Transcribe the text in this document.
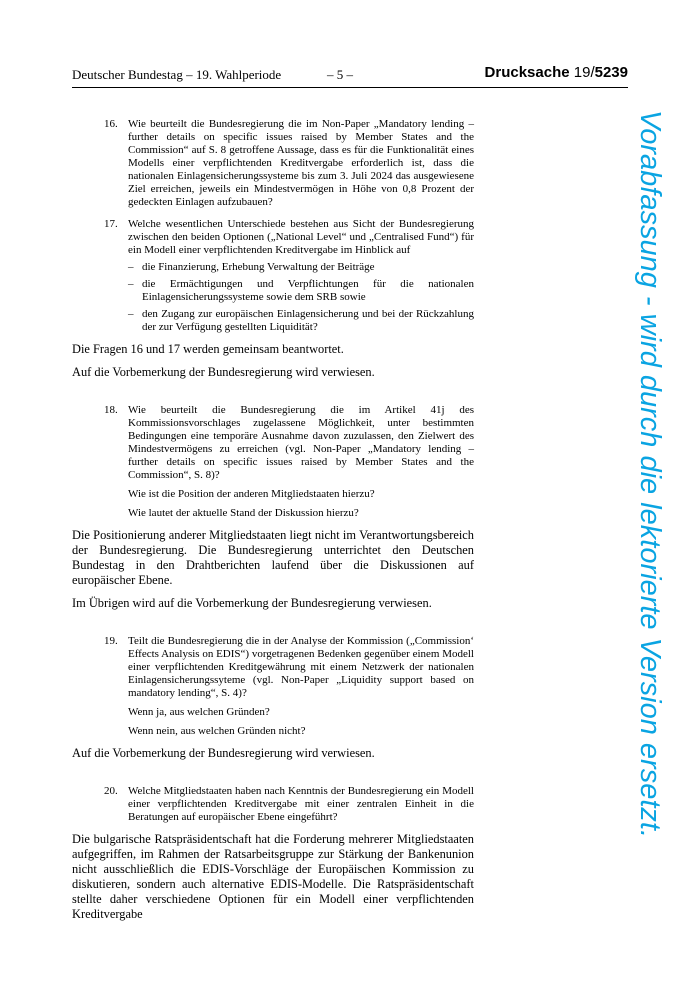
Deutscher Bundestag – 19. Wahlperiode	– 5 –	Drucksache 19/5239
16. Wie beurteilt die Bundesregierung die im Non-Paper „Mandatory lending – further details on specific issues raised by Member States and the Commission“ auf S. 8 getroffene Aussage, dass es für die Funktionalität eines Modells einer verpflichtenden Kreditvergabe erforderlich ist, dass die nationalen Einlagensicherungssysteme bis zum 3. Juli 2024 das ausgewiesene Ziel erreichen, jeweils ein Mindestvermögen in Höhe von 0,8 Prozent der gedeckten Einlagen aufzubauen?

17. Welche wesentlichen Unterschiede bestehen aus Sicht der Bundesregierung zwischen den beiden Optionen („National Level“ und „Centralised Fund“) für ein Modell einer verpflichtenden Kreditvergabe im Hinblick auf

– die Finanzierung, Erhebung Verwaltung der Beiträge
– die Ermächtigungen und Verpflichtungen für die nationalen Einlagensicherungssysteme sowie dem SRB sowie
– den Zugang zur europäischen Einlagensicherung und bei der Rückzahlung der zur Verfügung gestellten Liquidität?

Die Fragen 16 und 17 werden gemeinsam beantwortet.

Auf die Vorbemerkung der Bundesregierung wird verwiesen.

18. Wie beurteilt die Bundesregierung die im Artikel 41j des Kommissionsvorschlages zugelassene Möglichkeit, unter bestimmten Bedingungen eine temporäre Ausnahme davon zuzulassen, den Zielwert des Mindestvermögens zu erreichen (vgl. Non-Paper „Mandatory lending – further details on specific issues raised by Member States and the Commission“, S. 8)?

Wie ist die Position der anderen Mitgliedstaaten hierzu?

Wie lautet der aktuelle Stand der Diskussion hierzu?

Die Positionierung anderer Mitgliedstaaten liegt nicht im Verantwortungsbereich der Bundesregierung. Die Bundesregierung unterrichtet den Deutschen Bundestag in den Drahtberichten laufend über die Diskussionen auf europäischer Ebene.

Im Übrigen wird auf die Vorbemerkung der Bundesregierung verwiesen.

19. Teilt die Bundesregierung die in der Analyse der Kommission („Commission‘ Effects Analysis on EDIS“) vorgetragenen Bedenken gegenüber einem Modell einer verpflichtenden Kreditgewährung mit einem Netzwerk der nationalen Einlagensicherungssyteme (vgl. Non-Paper „Liquidity support based on mandatory lending“, S. 4)?

Wenn ja, aus welchen Gründen?

Wenn nein, aus welchen Gründen nicht?

Auf die Vorbemerkung der Bundesregierung wird verwiesen.

20. Welche Mitgliedstaaten haben nach Kenntnis der Bundesregierung ein Modell einer verpflichtenden Kreditvergabe mit einer zentralen Einheit in die Beratungen auf europäischer Ebene eingeführt?

Die bulgarische Ratspräsidentschaft hat die Forderung mehrerer Mitgliedstaaten aufgegriffen, im Rahmen der Ratsarbeitsgruppe zur Stärkung der Bankenunion nicht ausschließlich die EDIS-Vorschläge der Europäischen Kommission zu diskutieren, sondern auch alternative EDIS-Modelle. Die Ratspräsidentschaft stellte daher verschiedene Optionen für ein Modell einer verpflichtenden Kreditvergabe

Vorabfassung - wird durch die lektorierte Version ersetzt.
